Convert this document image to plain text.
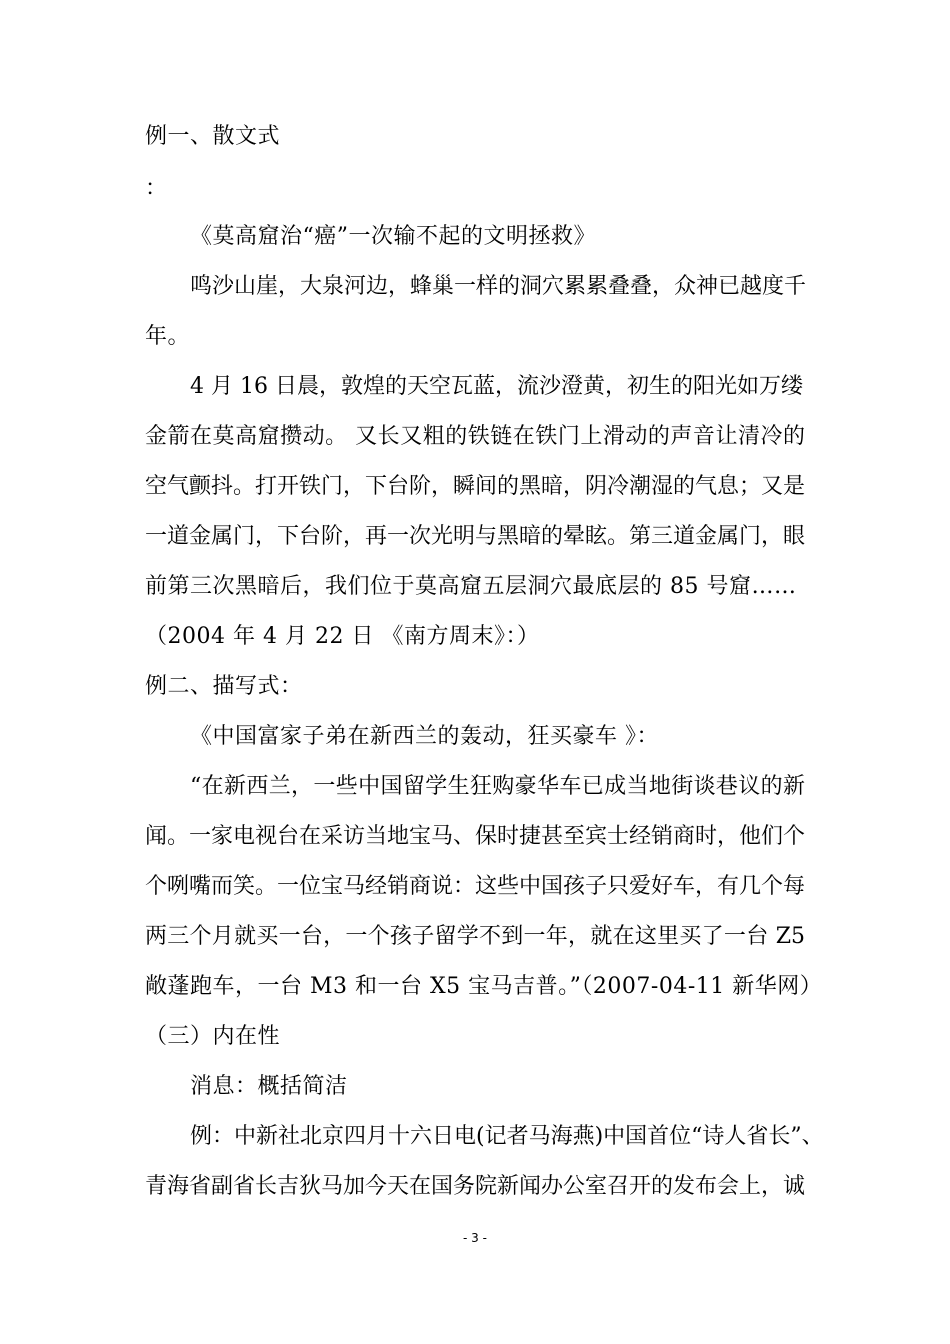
例一、散文式
：
《莫高窟治“癌”一次输不起的文明拯救》
鸣沙山崖，大泉河边，蜂巢一样的洞穴累累叠叠，众神已越度千
年。
4 月 16 日晨，敦煌的天空瓦蓝，流沙澄黄，初生的阳光如万缕
金箭在莫高窟攒动。 又长又粗的铁链在铁门上滑动的声音让清冷的
空气颤抖。打开铁门，下台阶，瞬间的黑暗，阴冷潮湿的气息；又是
一道金属门，下台阶，再一次光明与黑暗的晕眩。第三道金属门，眼
前第三次黑暗后，我们位于莫高窟五层洞穴最底层的 85 号窟……
（2004 年 4 月 22 日 《南方周末》：）
例二、描写式：
《中国富家子弟在新西兰的轰动，狂买豪车 》：
“在新西兰，一些中国留学生狂购豪华车已成当地街谈巷议的新
闻。一家电视台在采访当地宝马、保时捷甚至宾士经销商时，他们个
个咧嘴而笑。一位宝马经销商说：这些中国孩子只爱好车，有几个每
两三个月就买一台，一个孩子留学不到一年，就在这里买了一台 Z5
敞蓬跑车，一台 M3 和一台 X5 宝马吉普。”（2007-04-11 新华网）
（三）内在性
消息：概括简洁
例：中新社北京四月十六日电(记者马海燕)中国首位“诗人省长”、
青海省副省长吉狄马加今天在国务院新闻办公室召开的发布会上，诚
- 3 -
